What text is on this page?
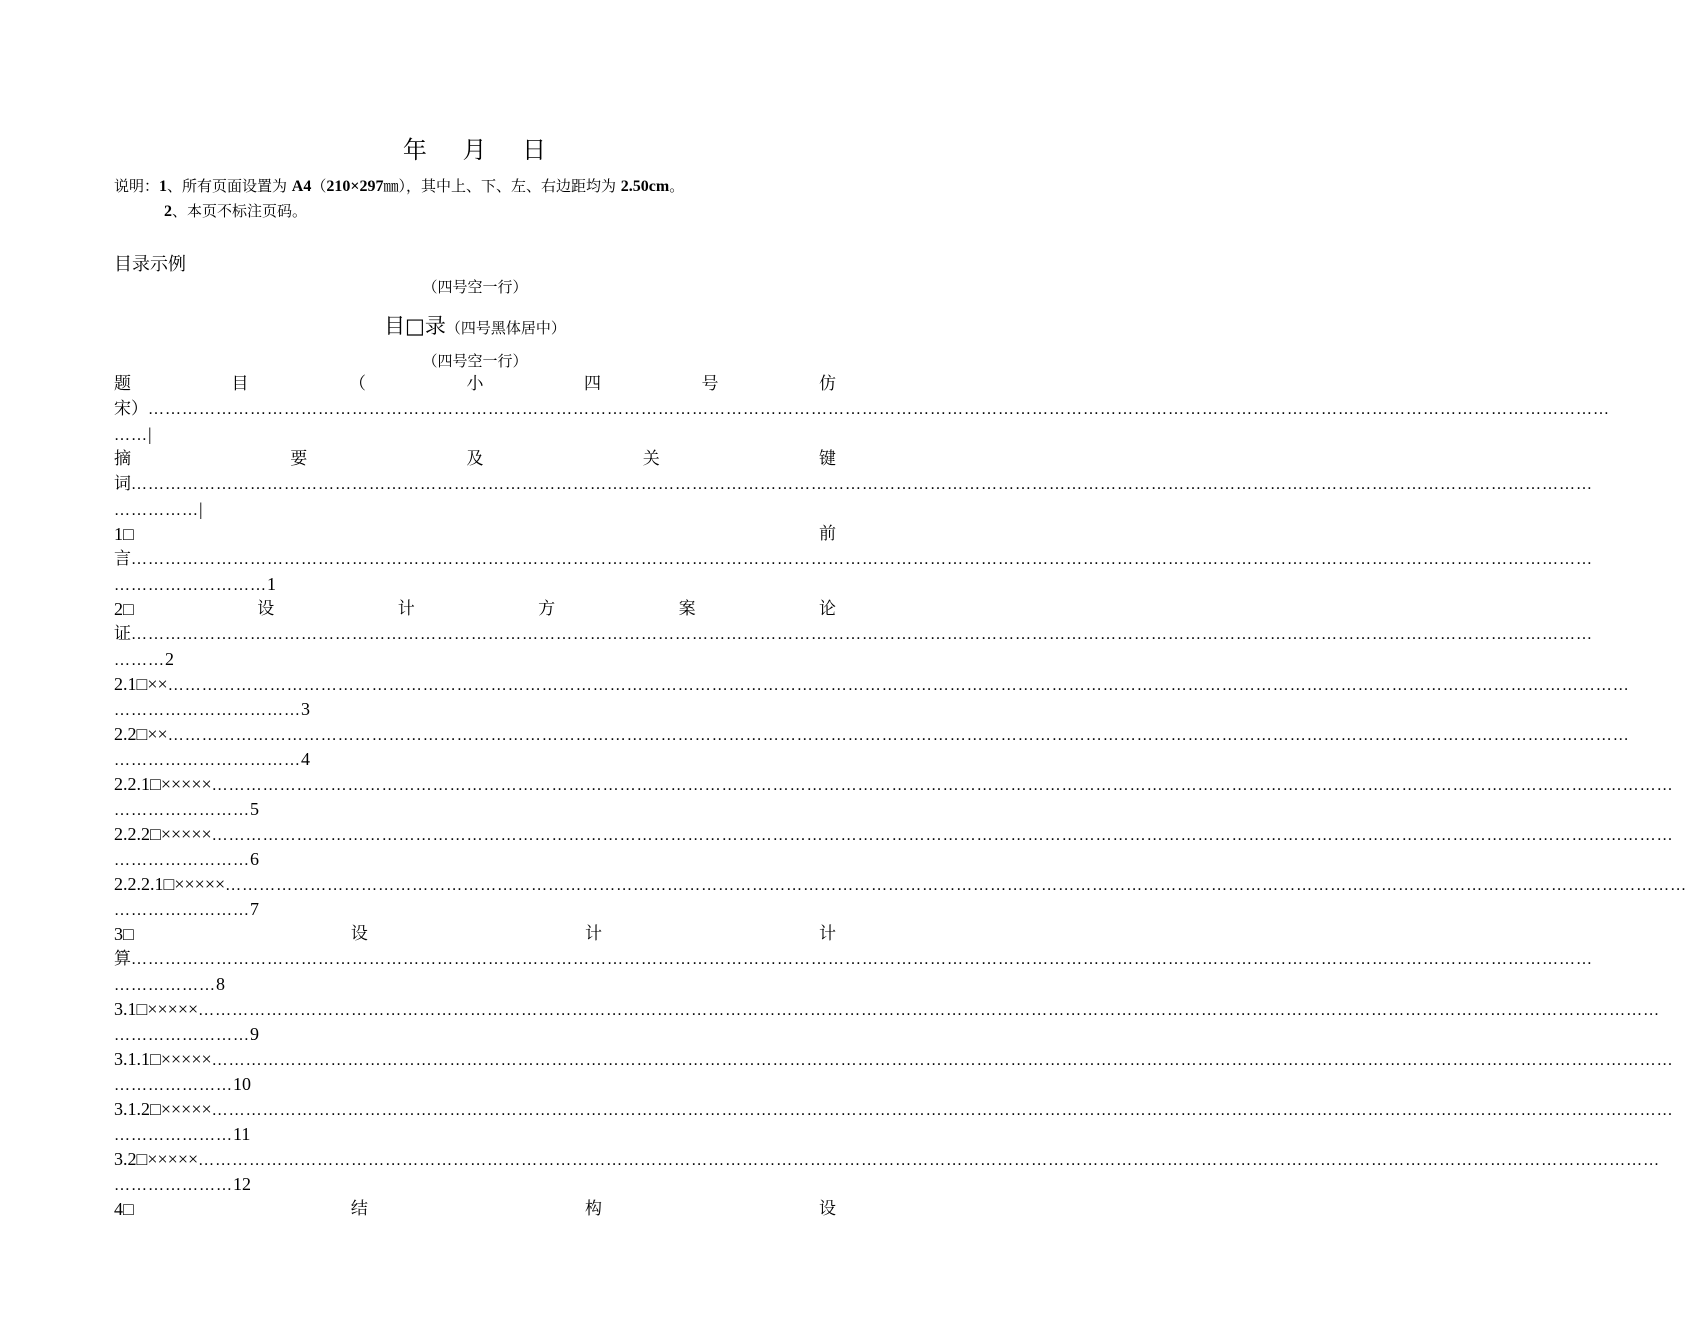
年 月 日
说明：1、所有页面设置为 A4（210×297㎜），其中上、下、左、右边距均为 2.50cm。
2、本页不标注页码。
目录示例
（四号空一行）
目□录（四号黑体居中）
（四号空一行）
题	目	（	小	四	号	仿
宋） ……………………………………………………………………………………………………………………………………………………………………………………………………………………………………
……|
摘	要	及	关	键
词 ……………………………………………………………………………………………………………………………………………………………………………………………………………………………………
……………|
1□	前
言 ……………………………………………………………………………………………………………………………………………………………………………………………………………………………………
………………………1
2□	设	计	方	案	论
证 ……………………………………………………………………………………………………………………………………………………………………………………………………………………………………
………2
2.1□×× ……………………………………………………………………………………………………………………………………………………………………………………………………………………………………
……………………………3
2.2□×× ……………………………………………………………………………………………………………………………………………………………………………………………………………………………………
……………………………4
2.2.1□××××× ……………………………………………………………………………………………………………………………………………………………………………………………………………………………………
……………………5
2.2.2□××××× ……………………………………………………………………………………………………………………………………………………………………………………………………………………………………
……………………6
2.2.2.1□××××× ……………………………………………………………………………………………………………………………………………………………………………………………………………………………………
……………………7
3□	设	计	计
算 ……………………………………………………………………………………………………………………………………………………………………………………………………………………………………
………………8
3.1□××××× ……………………………………………………………………………………………………………………………………………………………………………………………………………………………………
……………………9
3.1.1□××××× ……………………………………………………………………………………………………………………………………………………………………………………………………………………………………
…………………10
3.1.2□××××× ……………………………………………………………………………………………………………………………………………………………………………………………………………………………………
…………………11
3.2□××××× ……………………………………………………………………………………………………………………………………………………………………………………………………………………………………
…………………12
4□	结	构	设
